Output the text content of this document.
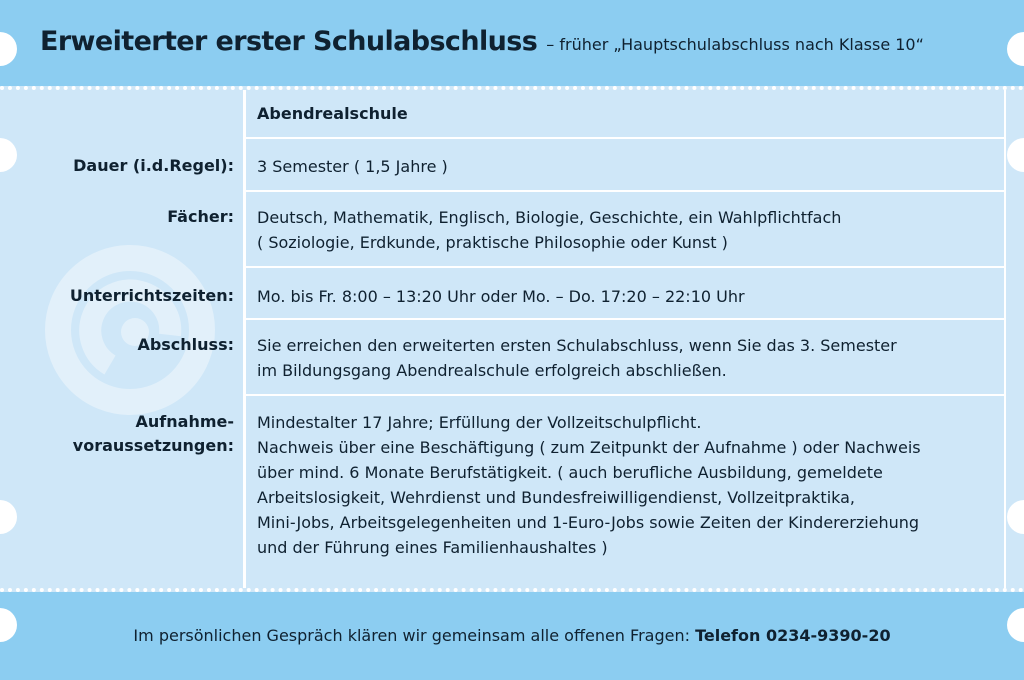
Erweiterter erster Schulabschluss – früher „Hauptschulabschluss nach Klasse 10“
Abendrealschule
Dauer (i.d.Regel): 3 Semester ( 1,5 Jahre )

Fächer: Deutsch, Mathematik, Englisch, Biologie, Geschichte, ein Wahlpflichtfach

( Soziologie, Erdkunde, praktische Philosophie oder Kunst )

Unterrichtszeiten: Mo. bis Fr. 8:00 – 13:20 Uhr oder Mo. – Do. 17:20 – 22:10 Uhr

Abschluss: Sie erreichen den erweiterten ersten Schulabschluss, wenn Sie das 3. Semester

im Bildungsgang Abendrealschule erfolgreich abschließen.

Aufnahme-
voraussetzungen:

Mindestalter 17 Jahre; Erfüllung der Vollzeitschulpflicht.

Nachweis über eine Beschäftigung ( zum Zeitpunkt der Aufnahme ) oder Nachweis

über mind. 6 Monate Berufstätigkeit. ( auch berufliche Ausbildung, gemeldete

Arbeitslosigkeit, Wehrdienst und Bundesfreiwilligendienst, Vollzeitpraktika,

Mini-Jobs, Arbeitsgelegenheiten und 1-Euro-Jobs sowie Zeiten der Kindererziehung

und der Führung eines Familienhaushaltes )

Im persönlichen Gespräch klären wir gemeinsam alle offenen Fragen: Telefon 0234-9390-20
